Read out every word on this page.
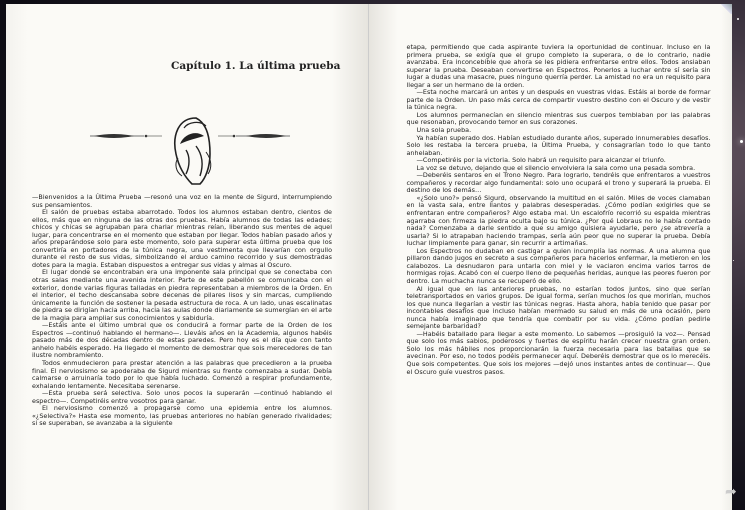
Capítulo 1. La última prueba

—Bienvenidos a la Última Prueba —resonó una voz en la mente de Sigurd, interrumpiendo sus pensamientos.

El salón de pruebas estaba abarrotado. Todos los alumnos estaban dentro, cientos de ellos, más que en ninguna de las otras dos pruebas. Había alumnos de todas las edades; chicos y chicas se agrupaban para charlar mientras reían, liberando sus mentes de aquel lugar, para concentrarse en el momento que estaban por llegar. Todos habían pasado años y años preparándose solo para este momento, solo para superar esta última prueba que los convertiría en portadores de la túnica negra, una vestimenta que llevarían con orgullo durante el resto de sus vidas, simbolizando el arduo camino recorrido y sus demostradas dotes para la magia. Estaban dispuestos a entregar sus vidas y almas al Oscuro.

El lugar donde se encontraban era una imponente sala principal que se conectaba con otras salas mediante una avenida interior. Parte de este pabellón se comunicaba con el exterior, donde varias figuras talladas en piedra representaban a miembros de la Orden. En el interior, el techo descansaba sobre decenas de pilares lisos y sin marcas, cumpliendo únicamente la función de sostener la pesada estructura de roca. A un lado, unas escalinatas de piedra se dirigían hacia arriba, hacia las aulas donde diariamente se sumergían en el arte de la magia para ampliar sus conocimientos y sabiduría.

—Estáis ante el último umbral que os conducirá a formar parte de la Orden de los Espectros —continuó hablando el hermano—. Lleváis años en la Academia, algunos habéis pasado más de dos décadas dentro de estas paredes. Pero hoy es el día que con tanto anhelo habéis esperado. Ha llegado el momento de demostrar que sois merecedores de tan ilustre nombramiento.

Todos enmudecieron para prestar atención a las palabras que precedieron a la prueba final. El nerviosismo se apoderaba de Sigurd mientras su frente comenzaba a sudar. Debía calmarse o arruinaría todo por lo que había luchado. Comenzó a respirar profundamente, exhalando lentamente. Necesitaba serenarse.

—Esta prueba será selectiva. Solo unos pocos la superarán —continuó hablando el espectro—. Competiréis entre vosotros para ganar.

El nerviosismo comenzó a propagarse como una epidemia entre los alumnos. «¿Selectiva?» Hasta ese momento, las pruebas anteriores no habían generado rivalidades; si se superaban, se avanzaba a la siguiente

etapa, permitiendo que cada aspirante tuviera la oportunidad de continuar. Incluso en la primera prueba, se exigía que el grupo completo la superara, o de lo contrario, nadie avanzaba. Era inconcebible que ahora se les pidiera enfrentarse entre ellos. Todos ansiaban superar la prueba. Deseaban convertirse en Espectros. Ponerlos a luchar entre sí sería sin lugar a dudas una masacre, pues ninguno querría perder. La amistad no era un requisito para llegar a ser un hermano de la orden.

—Esta noche marcará un antes y un después en vuestras vidas. Estáis al borde de formar parte de la Orden. Un paso más cerca de compartir vuestro destino con el Oscuro y de vestir la túnica negra.

Los alumnos permanecían en silencio mientras sus cuerpos temblaban por las palabras que resonaban, provocando temor en sus corazones.

Una sola prueba.

Ya habían superado dos. Habían estudiado durante años, superado innumerables desafíos. Solo les restaba la tercera prueba, la Última Prueba, y consagrarían todo lo que tanto anhelaban.

—Competiréis por la victoria. Solo habrá un requisito para alcanzar el triunfo.

La voz se detuvo, dejando que el silencio envolviera la sala como una pesada sombra.

—Deberéis sentaros en el Trono Negro. Para lograrlo, tendréis que enfrentaros a vuestros compañeros y recordar algo fundamental: solo uno ocupará el trono y superará la prueba. El destino de los demás…

«¿Solo uno?» pensó Sigurd, observando la multitud en el salón. Miles de voces clamaban en la vasta sala, entre llantos y palabras desesperadas. ¿Cómo podían exigirles que se enfrentaran entre compañeros? Algo estaba mal. Un escalofrío recorrió su espalda mientras agarraba con firmeza la piedra oculta bajo su túnica. ¿Por qué Lobraus no le había contado nada? Comenzaba a darle sentido a que su amigo quisiera ayudarle, pero ¿se atrevería a usarla? Si lo atrapaban haciendo trampas, sería aún peor que no superar la prueba. Debía luchar limpiamente para ganar, sin recurrir a artimañas.

Los Espectros no dudaban en castigar a quien incumplía las normas. A una alumna que pillaron dando jugos en secreto a sus compañeros para hacerlos enfermar, la metieron en los calabozos. La desnudaron para untarla con miel y le vaciaron encima varios tarros de hormigas rojas. Acabó con el cuerpo lleno de pequeñas heridas, aunque las peores fueron por dentro. La muchacha nunca se recuperó de ello.

Al igual que en las anteriores pruebas, no estarían todos juntos, sino que serían teletransportados en varios grupos. De igual forma, serían muchos los que morirían, muchos los que nunca llegarían a vestir las túnicas negras. Hasta ahora, había tenido que pasar por incontables desafíos que incluso habían mermado su salud en más de una ocasión, pero nunca había imaginado que tendría que combatir por su vida. ¿Cómo podían pedirle semejante barbaridad?

—Habéis batallado para llegar a este momento. Lo sabemos —prosiguió la voz—. Pensad que solo los más sabios, poderosos y fuertes de espíritu harán crecer nuestra gran orden. Solo los más hábiles nos proporcionarán la fuerza necesaria para las batallas que se avecinan. Por eso, no todos podéis permanecer aquí. Deberéis demostrar que os lo merecéis. Que sois competentes. Que sois los mejores —dejó unos instantes antes de continuar—. Que el Oscuro guíe vuestros pasos.

➦
